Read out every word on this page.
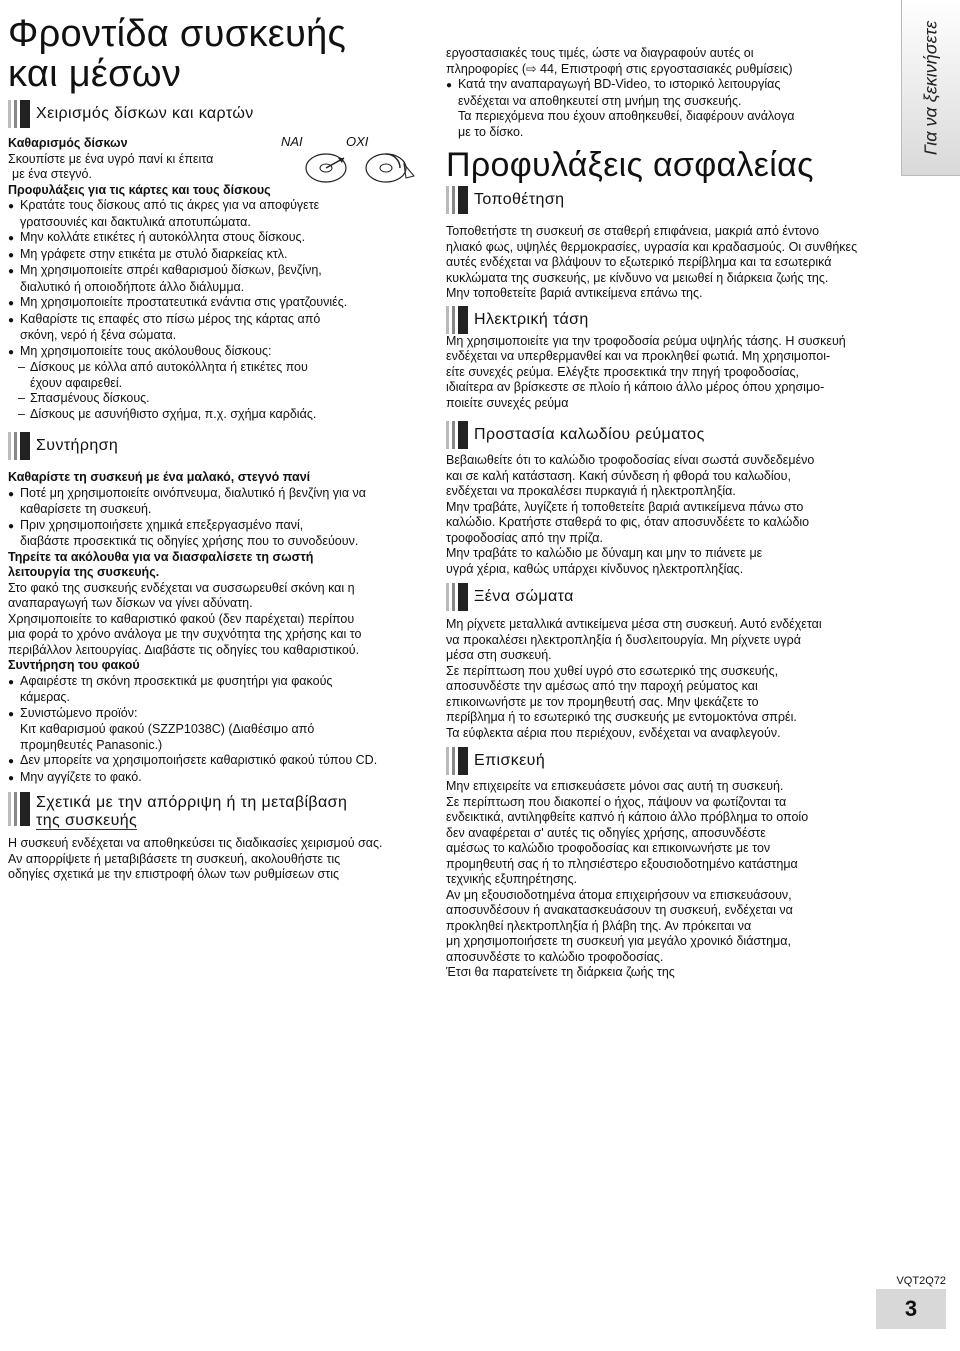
Για να ξεκινήσετε
Φροντίδα συσκευής
και μέσων
Χειρισμός δίσκων και καρτών

Καθαρισμός δίσκων

Σκουπίστε με ένα υγρό πανί κι έπειτα

με ένα στεγνό.

ΝΑΙ	ΟΧΙ

Προφυλάξεις για τις κάρτες και τους δίσκους

● Κρατάτε τους δίσκους από τις άκρες για να αποφύγετε
γρατσουνιές και δακτυλικά αποτυπώματα.

● Μην κολλάτε ετικέτες ή αυτοκόλλητα στους δίσκους.

● Μη γράφετε στην ετικέτα με στυλό διαρκείας κτλ.

● Μη χρησιμοποιείτε σπρέι καθαρισμού δίσκων, βενζίνη,
διαλυτικό ή οποιοδήποτε άλλο διάλυμμα.

● Μη χρησιμοποιείτε προστατευτικά ενάντια στις γρατζουνιές.

● Καθαρίστε τις επαφές στο πίσω μέρος της κάρτας από
σκόνη, νερό ή ξένα σώματα.

● Μη χρησιμοποιείτε τους ακόλουθους δίσκους:

– Δίσκους με κόλλα από αυτοκόλλητα ή ετικέτες που
έχουν αφαιρεθεί.

– Σπασμένους δίσκους.

– Δίσκους με ασυνήθιστο σχήμα, π.χ. σχήμα καρδιάς.

Συντήρηση

Καθαρίστε τη συσκευή με ένα μαλακό, στεγνό πανί

● Ποτέ μη χρησιμοποιείτε οινόπνευμα, διαλυτικό ή βενζίνη για να
καθαρίσετε τη συσκευή.

● Πριν χρησιμοποιήσετε χημικά επεξεργασμένο πανί,
διαβάστε προσεκτικά τις οδηγίες χρήσης που το συνοδεύουν.

Τηρείτε τα ακόλουθα για να διασφαλίσετε τη σωστή
λειτουργία της συσκευής.

Στο φακό της συσκευής ενδέχεται να συσσωρευθεί σκόνη και η

αναπαραγωγή των δίσκων να γίνει αδύνατη.

Χρησιμοποιείτε το καθαριστικό φακού (δεν παρέχεται) περίπου

μια φορά το χρόνο ανάλογα με την συχνότητα της χρήσης και το

περιβάλλον λειτουργίας. Διαβάστε τις οδηγίες του καθαριστικού.

Συντήρηση του φακού

● Αφαιρέστε τη σκόνη προσεκτικά με φυσητήρι για φακούς
κάμερας.

● Συνιστώμενο προϊόν:
Κιτ καθαρισμού φακού (SZZP1038C) (Διαθέσιμο από
προμηθευτές Panasonic.)

● Δεν μπορείτε να χρησιμοποιήσετε καθαριστικό φακού τύπου CD.

● Μην αγγίζετε το φακό.

Σχετικά με την απόρριψη ή τη μεταβίβαση
της συσκευής

Η συσκευή ενδέχεται να αποθηκεύσει τις διαδικασίες χειρισμού σας.

Αν απορρίψετε ή μεταβιβάσετε τη συσκευή, ακολουθήστε τις

οδηγίες σχετικά με την επιστροφή όλων των ρυθμίσεων στις

εργοστασιακές τους τιμές, ώστε να διαγραφούν αυτές οι

πληροφορίες (⇨ 44, Επιστροφή στις εργοστασιακές ρυθμίσεις)

● Κατά την αναπαραγωγή BD-Video, το ιστορικό λειτουργίας
ενδέχεται να αποθηκευτεί στη μνήμη της συσκευής.
Τα περιεχόμενα που έχουν αποθηκευθεί, διαφέρουν ανάλογα
με το δίσκο.

Προφυλάξεις ασφαλείας
Τοποθέτηση

Τοποθετήστε τη συσκευή σε σταθερή επιφάνεια, μακριά από έντονο

ηλιακό φως, υψηλές θερμοκρασίες, υγρασία και κραδασμούς. Οι συνθήκες

αυτές ενδέχεται να βλάψουν το εξωτερικό περίβλημα και τα εσωτερικά

κυκλώματα της συσκευής, με κίνδυνο να μειωθεί η διάρκεια ζωής της.

Μην τοποθετείτε βαριά αντικείμενα επάνω της.

Ηλεκτρική τάση

Μη χρησιμοποιείτε για την τροφοδοσία ρεύμα υψηλής τάσης. Η συσκευή

ενδέχεται να υπερθερμανθεί και να προκληθεί φωτιά. Μη χρησιμοποι-

είτε συνεχές ρεύμα. Ελέγξτε προσεκτικά την πηγή τροφοδοσίας,

ιδιαίτερα αν βρίσκεστε σε πλοίο ή κάποιο άλλο μέρος όπου χρησιμο-

ποιείτε συνεχές ρεύμα

Προστασία καλωδίου ρεύματος

Βεβαιωθείτε ότι το καλώδιο τροφοδοσίας είναι σωστά συνδεδεμένο

και σε καλή κατάσταση. Κακή σύνδεση ή φθορά του καλωδίου,

ενδέχεται να προκαλέσει πυρκαγιά ή ηλεκτροπληξία.

Μην τραβάτε, λυγίζετε ή τοποθετείτε βαριά αντικείμενα πάνω στο

καλώδιο. Κρατήστε σταθερά το φις, όταν αποσυνδέετε το καλώδιο

τροφοδοσίας από την πρίζα.

Μην τραβάτε το καλώδιο με δύναμη και μην το πιάνετε με

υγρά χέρια, καθώς υπάρχει κίνδυνος ηλεκτροπληξίας.

Ξένα σώματα

Μη ρίχνετε μεταλλικά αντικείμενα μέσα στη συσκευή. Αυτό ενδέχεται

να προκαλέσει ηλεκτροπληξία ή δυσλειτουργία. Μη ρίχνετε υγρά

μέσα στη συσκευή.

Σε περίπτωση που χυθεί υγρό στο εσωτερικό της συσκευής,

αποσυνδέστε την αμέσως από την παροχή ρεύματος και

επικοινωνήστε με τον προμηθευτή σας. Μην ψεκάζετε το

περίβλημα ή το εσωτερικό της συσκευής με εντομοκτόνα σπρέι.

Τα εύφλεκτα αέρια που περιέχουν, ενδέχεται να αναφλεγούν.

Επισκευή

Μην επιχειρείτε να επισκευάσετε μόνοι σας αυτή τη συσκευή.

Σε περίπτωση που διακοπεί ο ήχος, πάψουν να φωτίζονται τα

ενδεικτικά, αντιληφθείτε καπνό ή κάποιο άλλο πρόβλημα το οποίο

δεν αναφέρεται σ' αυτές τις οδηγίες χρήσης, αποσυνδέστε

αμέσως το καλώδιο τροφοδοσίας και επικοινωνήστε με τον

προμηθευτή σας ή το πλησιέστερο εξουσιοδοτημένο κατάστημα

τεχνικής εξυπηρέτησης.

Αν μη εξουσιοδοτημένα άτομα επιχειρήσουν να επισκευάσουν,

αποσυνδέσουν ή ανακατασκευάσουν τη συσκευή, ενδέχεται να

προκληθεί ηλεκτροπληξία ή βλάβη της. Αν πρόκειται να

μη χρησιμοποιήσετε τη συσκευή για μεγάλο χρονικό διάστημα,

αποσυνδέστε το καλώδιο τροφοδοσίας.

Έτσι θα παρατείνετε τη διάρκεια ζωής της

VQT2Q72
3
